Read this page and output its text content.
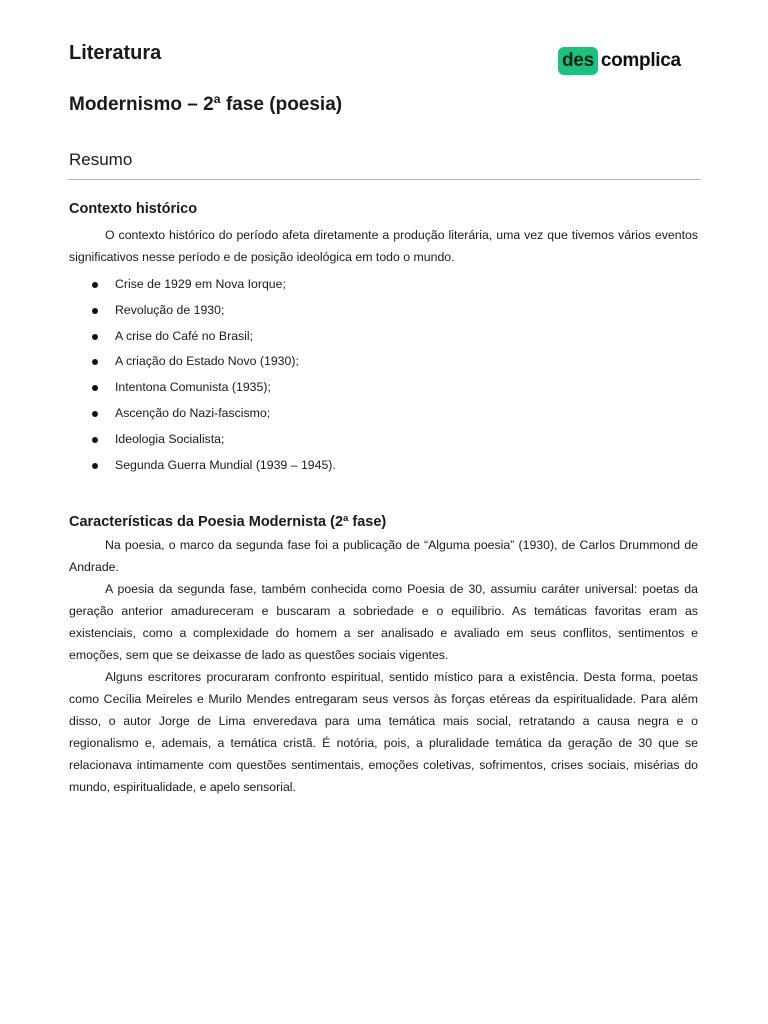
Literatura	des complica
Modernismo – 2ª fase (poesia)
Resumo
Contexto histórico

O contexto histórico do período afeta diretamente a produção literária, uma vez que tivemos vários eventos significativos nesse período e de posição ideológica em todo o mundo.

Crise de 1929 em Nova Iorque;
Revolução de 1930;
A crise do Café no Brasil;
A criação do Estado Novo (1930);
Intentona Comunista (1935);
Ascenção do Nazi-fascismo;
Ideologia Socialista;
Segunda Guerra Mundial (1939 – 1945).
Características da Poesia Modernista (2ª fase)

Na poesia, o marco da segunda fase foi a publicação de “Alguma poesia” (1930), de Carlos Drummond de Andrade.

A poesia da segunda fase, também conhecida como Poesia de 30, assumiu caráter universal: poetas da geração anterior amadureceram e buscaram a sobriedade e o equilíbrio. As temáticas favoritas eram as existenciais, como a complexidade do homem a ser analisado e avaliado em seus conflitos, sentimentos e emoções, sem que se deixasse de lado as questões sociais vigentes.

Alguns escritores procuraram confronto espiritual, sentido místico para a existência. Desta forma, poetas como Cecília Meireles e Murilo Mendes entregaram seus versos às forças etéreas da espiritualidade. Para além disso, o autor Jorge de Lima enveredava para uma temática mais social, retratando a causa negra e o regionalismo e, ademais, a temática cristã. É notória, pois, a pluralidade temática da geração de 30 que se relacionava intimamente com questões sentimentais, emoções coletivas, sofrimentos, crises sociais, misérias do mundo, espiritualidade, e apelo sensorial.
